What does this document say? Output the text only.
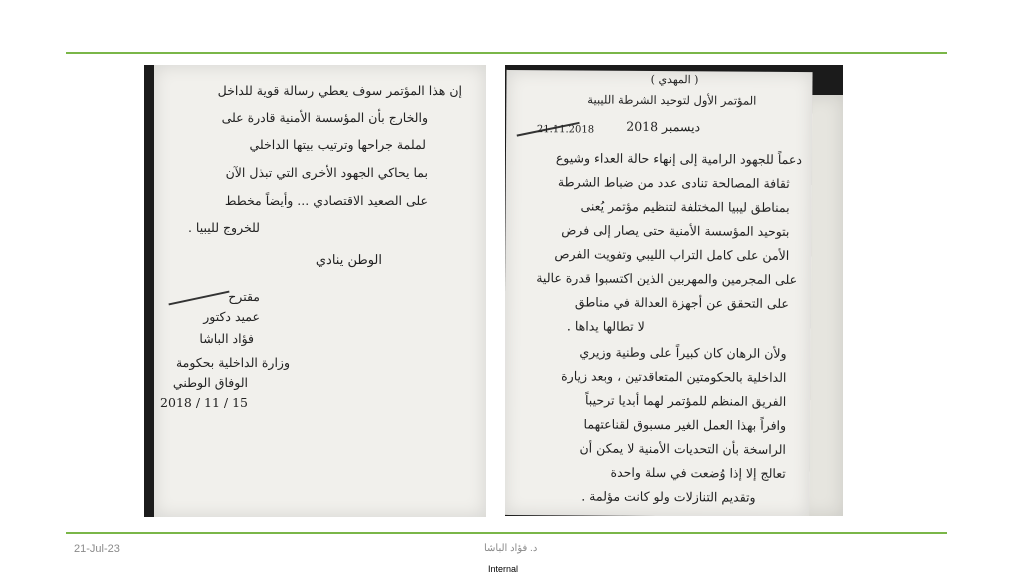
إن هذا المؤتمر سوف يعطي رسالة قوية للداخل
والخارج بأن المؤسسة الأمنية قادرة على
لملمة جراحها وترتيب بيتها الداخلي
بما يحاكي الجهود الأخرى التي تبذل الآن
على الصعيد الاقتصادي ... وأيضاً مخطط
للخروج لليبيا .
الوطن ينادي
مقترح
عميد دكتور
فؤاد الباشا
وزارة الداخلية بحكومة
الوفاق الوطني
2018 / 11 / 15
( المهدي )
المؤتمر الأول لتوحيد الشرطة الليبية
21.11.2018	ديسمبر 2018
دعماً للجهود الرامية إلى إنهاء حالة العداء وشيوع
ثقافة المصالحة تنادى عدد من ضباط الشرطة
بمناطق ليبيا المختلفة لتنظيم مؤتمر يُعنى
بتوحيد المؤسسة الأمنية حتى يصار إلى فرض
الأمن على كامل التراب الليبي وتفويت الفرص
على المجرمين والمهربين الذين اكتسبوا قدرة عالية
على التحقق عن أجهزة العدالة في مناطق
لا تطالها يداها .
ولأن الرهان كان كبيراً على وطنية وزيري
الداخلية بالحكومتين المتعاقدتين ، وبعد زيارة
الفريق المنظم للمؤتمر لهما أبديا ترحيباً
وافراً بهذا العمل الغير مسبوق لقناعتهما
الراسخة بأن التحديات الأمنية لا يمكن أن
تعالج إلا إذا وُضعت في سلة واحدة
وتقديم التنازلات ولو كانت مؤلمة .
21-Jul-23	د. فؤاد الباشا
Internal
